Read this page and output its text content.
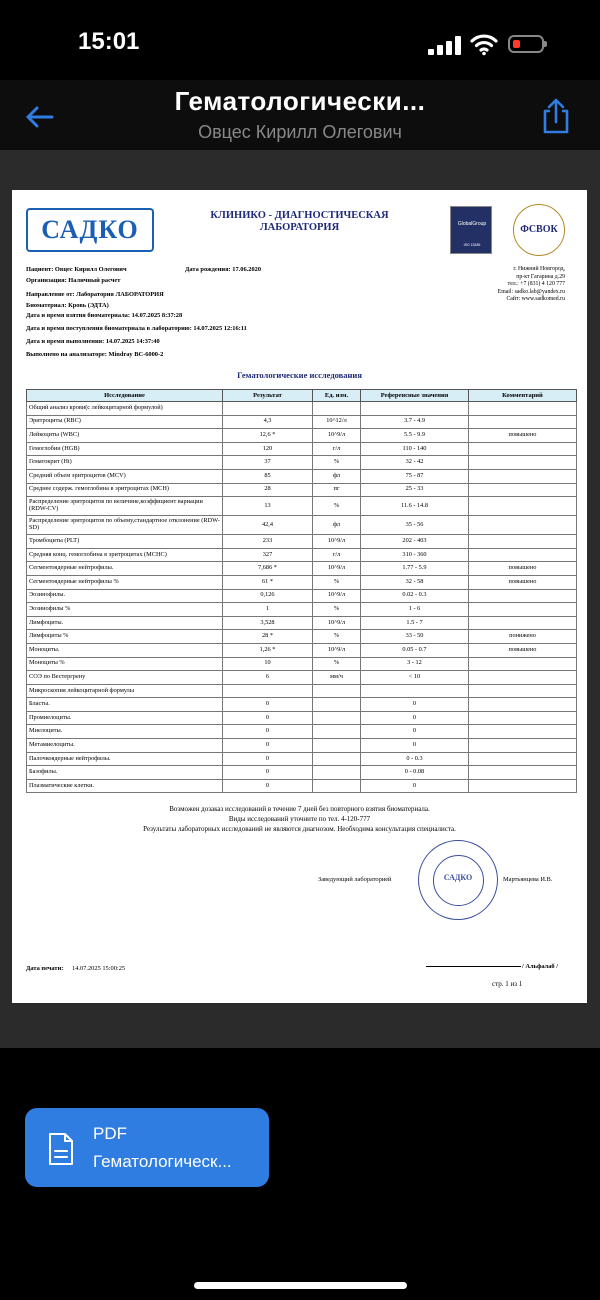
15:01
Гематологически...
Овцес Кирилл Олегович
САДКО	КЛИНИКО - ДИАГНОСТИЧЕСКАЯ
ЛАБОРАТОРИЯ	GlobalGroup
ISO 15189
ФСВОК
Пациент: Овцес Кирилл Олегович	Дата рождения: 17.06.2020
Организация: Наличный расчет
Направление от: Лаборатория ЛАБОРАТОРИЯ
Биоматериал: Кровь (ЭДТА)
Дата и время взятия биоматериала: 14.07.2025 8:37:28
Дата и время поступления биоматериала в лабораторию: 14.07.2025 12:16:11
Дата и время выполнения: 14.07.2025 14:37:40
Выполнено на анализаторе: Mindray BC-6000-2
г. Нижний Новгород,
пр-кт Гагарина д.29
тел.: +7 (831) 4 120 777
Email: sadko.lab@yandex.ru
Сайт: www.sadkomed.ru
Гематологические исследования
Исследование	Результат	Ед. изм.	Референсные значения	Комментарий
Общий анализ крови(с лейкоцитарной формулой)				
Эритроциты (RBC)	4,3	10^12/л	3.7 - 4.9	
Лейкоциты (WBC)	12,6 *	10^9/л	5.5 - 9.9	повышено
Гемоглобин (HGB)	120	г/л	110 - 140	
Гематокрит (Ht)	37	%	32 - 42	
Средний объем эритроцитов (MCV)	85	фл	75 - 87	
Среднее содерж. гемоглобина в эритроцитах (MCH)	28	пг	25 - 33	
Распределение эритроцитов по величине,коэффициент вариации (RDW-CV)	13	%	11.6 - 14.8	
Распределение эритроцитов по объему,стандартное отклонение (RDW-SD)	42,4	фл	35 - 56	
Тромбоциты (PLT)	233	10^9/л	202 - 403	
Средняя конц. гемоглобина в эритроцитах (MCHC)	327	г/л	310 - 360	
Сегментоядерные нейтрофилы.	7,686 *	10^9/л	1.77 - 5.9	повышено
Сегментоядерные нейтрофилы %	61 *	%	32 - 58	повышено
Эозинофилы.	0,126	10^9/л	0.02 - 0.3	
Эозинофилы %	1	%	1 - 6	
Лимфоциты.	3,528	10^9/л	1.5 - 7	
Лимфоциты %	28 *	%	33 - 50	понижено
Моноциты.	1,26 *	10^9/л	0.05 - 0.7	повышено
Моноциты %	10	%	3 - 12	
СОЭ по Вестергрену	6	мм/ч	< 10	
Микроскопия лейкоцитарной формулы				
Бласты.	0		0	
Промиелоциты.	0		0	
Миелоциты.	0		0	
Метамиелоциты.	0		0	
Палочкоядерные нейтрофилы.	0		0 - 0.3	
Базофилы.	0		0 - 0.08	
Плазматические клетки.	0		0	
Возможен дозаказ исследований в течение 7 дней без повторного взятия биоматериала.
Виды исследований уточните по тел. 4-120-777
Результаты лабораторных исследований не являются диагнозом. Необходима консультация специалиста.
Заведующий лабораторией	САДКО	Мартьянцева И.В.
Дата печати: 14.07.2025 15:00:25	/ Альфалаб /
стр. 1 из 1
PDF
Гематологическ...
